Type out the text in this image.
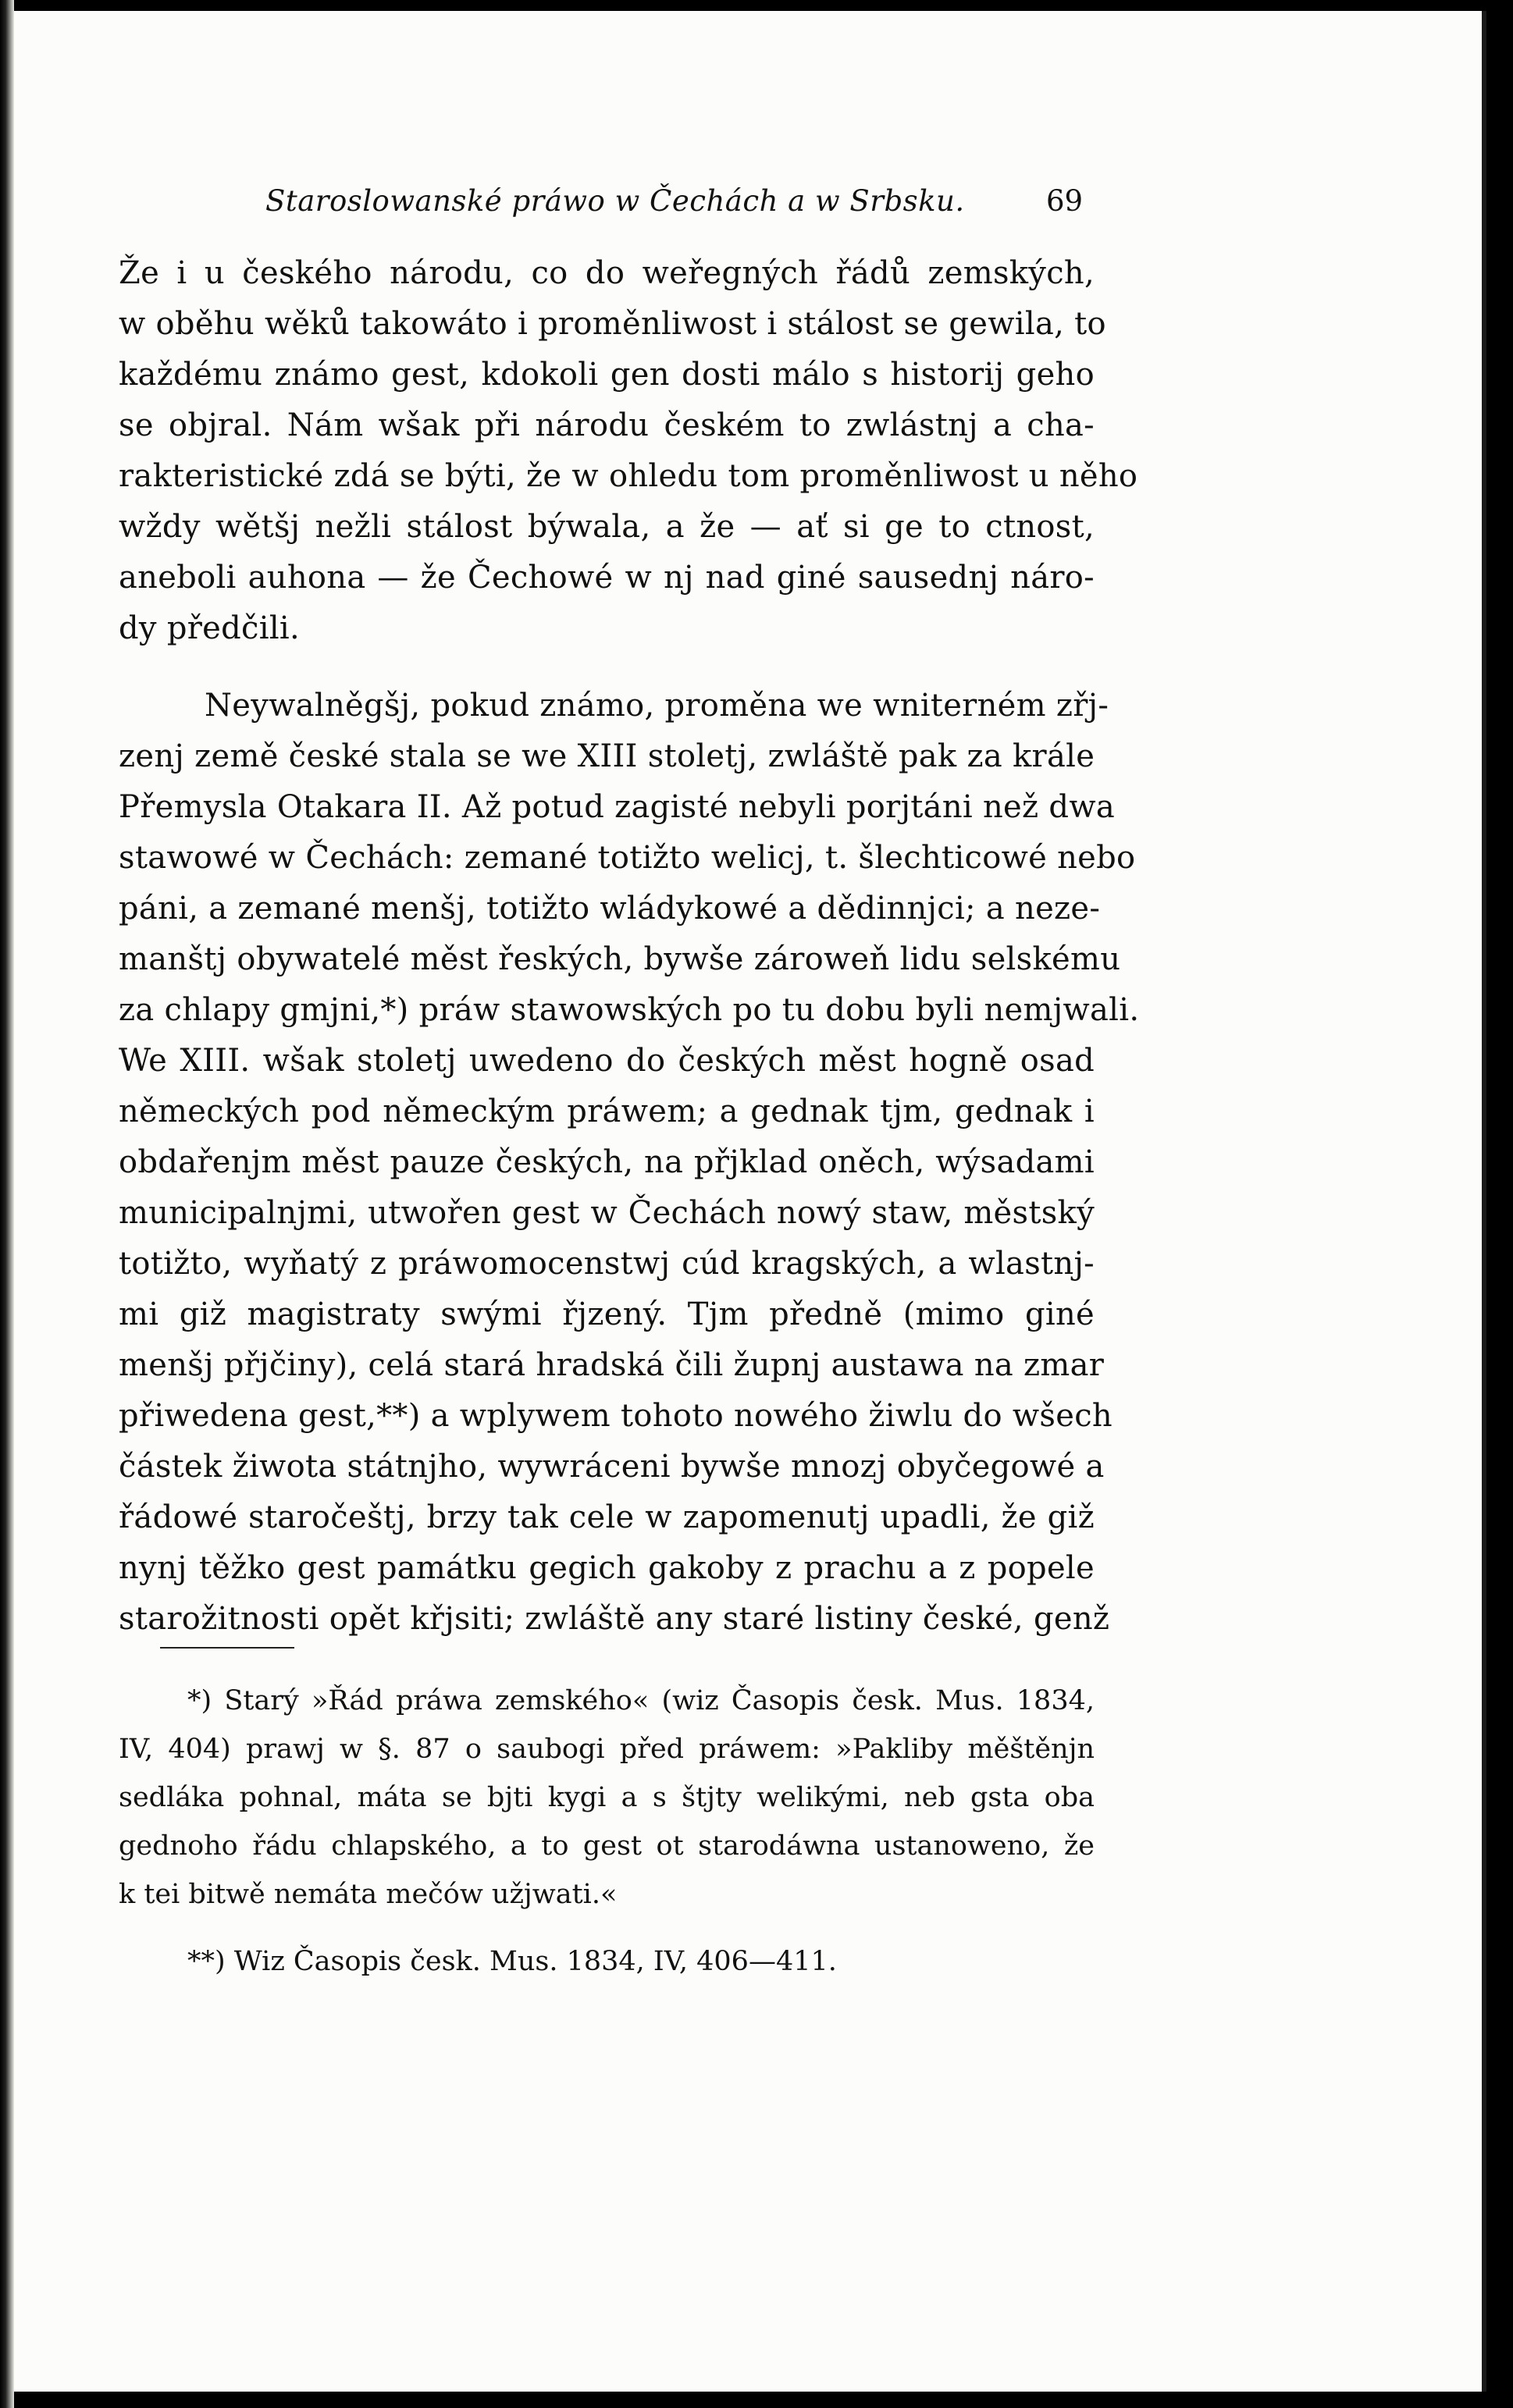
Staroslowanské práwo w Čechách a w Srbsku.	69
Že i u českého národu, co do weřegných řádů zemských,
w oběhu wěků takowáto i proměnliwost i stálost se gewila, to
každému známo gest, kdokoli gen dosti málo s historij geho
se objral. Nám wšak při národu českém to zwlástnj a cha-
rakteristické zdá se býti, že w ohledu tom proměnliwost u něho
wždy wětšj nežli stálost býwala, a že — ať si ge to ctnost,
aneboli auhona — že Čechowé w nj nad giné sausednj náro-
dy předčili.
Neywalněgšj, pokud známo, proměna we wniterném zřj-
zenj země české stala se we XIII stoletj, zwláště pak za krále
Přemysla Otakara II. Až potud zagisté nebyli porjtáni než dwa
stawowé w Čechách: zemané totižto welicj, t. šlechticowé nebo
páni, a zemané menšj, totižto wládykowé a dědinnjci; a neze-
manštj obywatelé měst řeských, bywše zároweň lidu selskému
za chlapy gmjni,*) práw stawowských po tu dobu byli nemjwali.
We XIII. wšak stoletj uwedeno do českých měst hogně osad
německých pod německým práwem; a gednak tjm, gednak i
obdařenjm měst pauze českých, na přjklad oněch, wýsadami
municipalnjmi, utwořen gest w Čechách nowý staw, městský
totižto, wyňatý z práwomocenstwj cúd kragských, a wlastnj-
mi giž magistraty swými řjzený. Tjm předně (mimo giné
menšj přjčiny), celá stará hradská čili župnj austawa na zmar
přiwedena gest,**) a wplywem tohoto nowého žiwlu do wšech
částek žiwota státnjho, wywráceni bywše mnozj obyčegowé a
řádowé staročeštj, brzy tak cele w zapomenutj upadli, že giž
nynj těžko gest památku gegich gakoby z prachu a z popele
starožitnosti opět křjsiti; zwláště any staré listiny české, genž
*) Starý »Řád práwa zemského« (wiz Časopis česk. Mus. 1834,
IV, 404) prawj w §. 87 o saubogi před práwem: »Pakliby měštěnjn
sedláka pohnal, máta se bjti kygi a s štjty welikými, neb gsta oba
gednoho řádu chlapského, a to gest ot starodáwna ustanoweno, že
k tei bitwě nemáta mečów užjwati.«
**) Wiz Časopis česk. Mus. 1834, IV, 406—411.
